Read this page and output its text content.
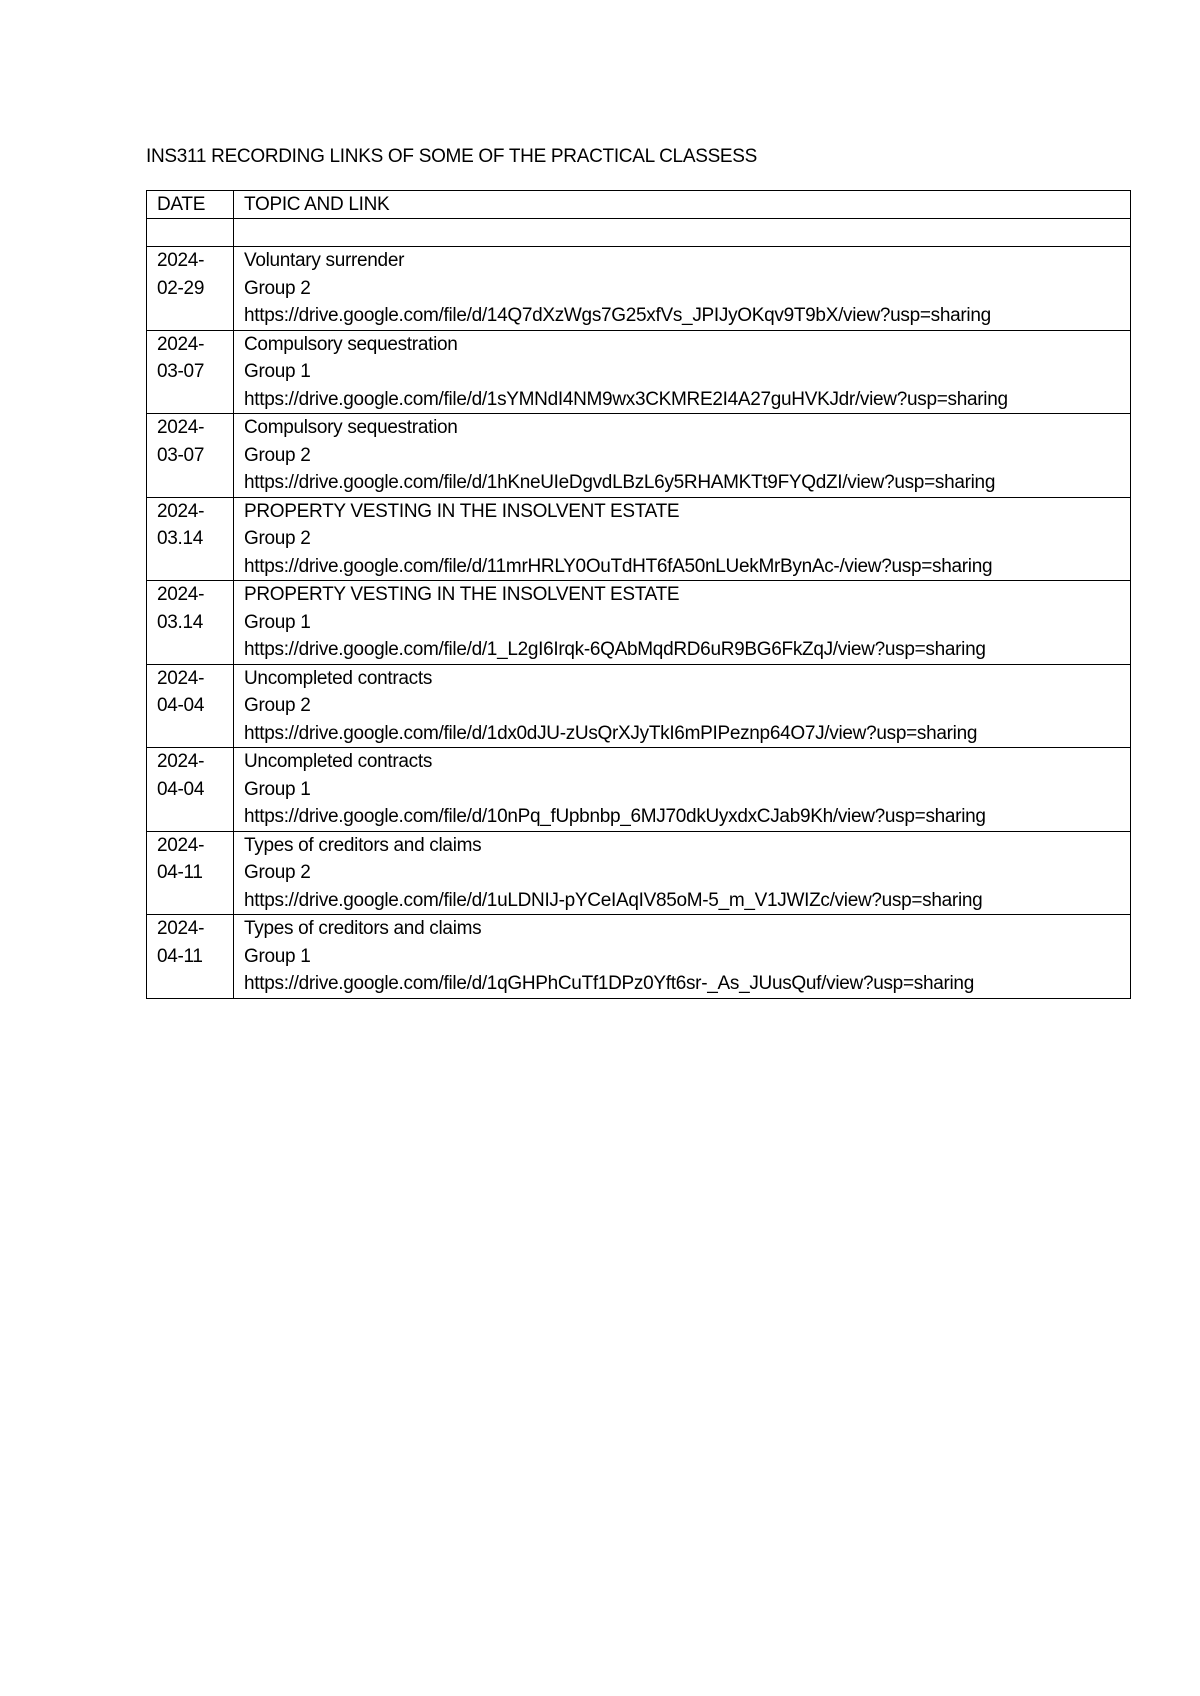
INS311 RECORDING LINKS OF SOME OF THE PRACTICAL CLASSESS
DATE	TOPIC AND LINK

2024-
02-29	Voluntary surrender
Group 2
https://drive.google.com/file/d/14Q7dXzWgs7G25xfVs_JPIJyOKqv9T9bX/view?usp=sharing

2024-
03-07	Compulsory sequestration
Group 1
https://drive.google.com/file/d/1sYMNdI4NM9wx3CKMRE2I4A27guHVKJdr/view?usp=sharing

2024-
03-07	Compulsory sequestration
Group 2
https://drive.google.com/file/d/1hKneUIeDgvdLBzL6y5RHAMKTt9FYQdZI/view?usp=sharing

2024-
03.14	PROPERTY VESTING IN THE INSOLVENT ESTATE
Group 2
https://drive.google.com/file/d/11mrHRLY0OuTdHT6fA50nLUekMrBynAc-/view?usp=sharing

2024-
03.14	PROPERTY VESTING IN THE INSOLVENT ESTATE
Group 1
https://drive.google.com/file/d/1_L2gI6Irqk-6QAbMqdRD6uR9BG6FkZqJ/view?usp=sharing

2024-
04-04	Uncompleted contracts
Group 2
https://drive.google.com/file/d/1dx0dJU-zUsQrXJyTkI6mPIPeznp64O7J/view?usp=sharing

2024-
04-04	Uncompleted contracts
Group 1
https://drive.google.com/file/d/10nPq_fUpbnbp_6MJ70dkUyxdxCJab9Kh/view?usp=sharing

2024-
04-11	Types of creditors and claims
Group 2
https://drive.google.com/file/d/1uLDNIJ-pYCeIAqIV85oM-5_m_V1JWIZc/view?usp=sharing

2024-
04-11	Types of creditors and claims
Group 1
https://drive.google.com/file/d/1qGHPhCuTf1DPz0Yft6sr-_As_JUusQuf/view?usp=sharing
